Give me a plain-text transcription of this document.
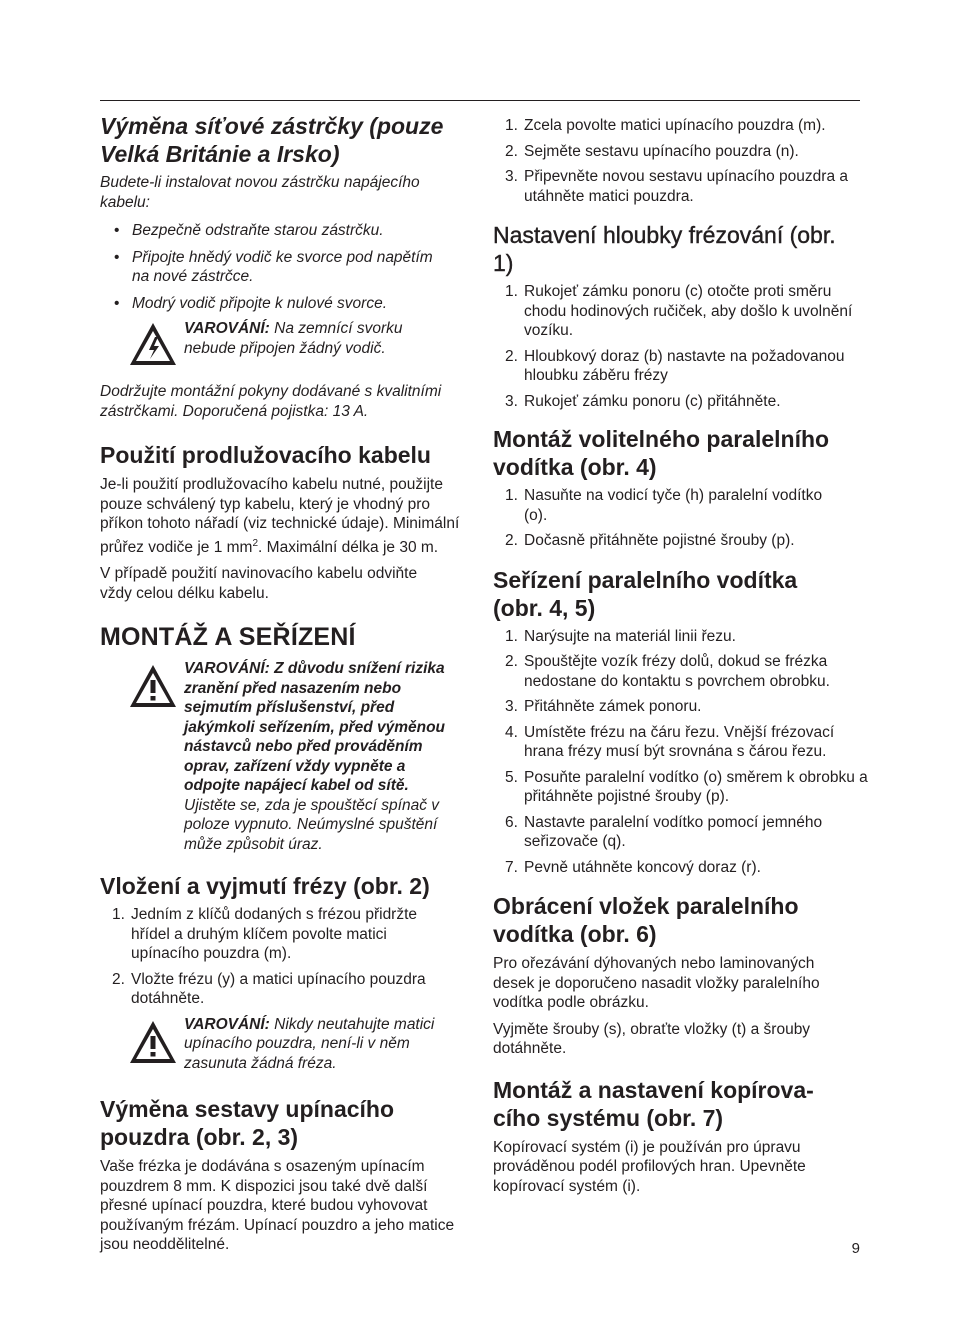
Výměna síťové zástrčky (pouze Velká Británie a Irsko)

Budete-li instalovat novou zástrčku napájecího kabelu:

• Bezpečně odstraňte starou zástrčku.
• Připojte hnědý vodič ke svorce pod napětím na nové zástrčce.
• Modrý vodič připojte k nulové svorce.

VAROVÁNÍ: Na zemnící svorku nebude připojen žádný vodič.

Dodržujte montážní pokyny dodávané s kvalitními zástrčkami. Doporučená pojistka: 13 A.

Použití prodlužovacího kabelu

Je-li použití prodlužovacího kabelu nutné, použijte pouze schválený typ kabelu, který je vhodný pro příkon tohoto nářadí (viz technické údaje). Minimální průřez vodiče je 1 $mm^2$. Maximální délka je 30 m.

V případě použití navinovacího kabelu odviňte vždy celou délku kabelu.

MONTÁŽ A SEŘÍZENÍ

VAROVÁNÍ: Z důvodu snížení rizika zranění před nasazením nebo sejmutím příslušenství, před jakýmkoli seřízením, před výměnou nástavců nebo před prováděním oprav, zařízení vždy vypněte a odpojte napájecí kabel od sítě. Ujistěte se, zda je spouštěcí spínač v poloze vypnuto. Neúmyslné spuštění může způsobit úraz.

Vložení a vyjmutí frézy (obr. 2)
1. Jedním z klíčů dodaných s frézou přidržte hřídel a druhým klíčem povolte matici upínacího pouzdra (m).
2. Vložte frézu (y) a matici upínacího pouzdra dotáhněte.

VAROVÁNÍ: Nikdy neutahujte matici upínacího pouzdra, není-li v něm zasunuta žádná fréza.

Výměna sestavy upínacího pouzdra (obr. 2, 3)

Vaše frézka je dodávána s osazeným upínacím pouzdrem 8 mm. K dispozici jsou také dvě další přesné upínací pouzdra, které budou vyhovovat používaným frézám. Upínací pouzdro a jeho matice jsou neoddělitelné.

1. Zcela povolte matici upínacího pouzdra (m).
2. Sejměte sestavu upínacího pouzdra (n).
3. Připevněte novou sestavu upínacího pouzdra a utáhněte matici pouzdra.
Nastavení hloubky frézování (obr. 1)
1. Rukojeť zámku ponoru (c) otočte proti směru chodu hodinových ručiček, aby došlo k uvolnění vozíku.
2. Hloubkový doraz (b) nastavte na požadovanou hloubku záběru frézy
3. Rukojeť zámku ponoru (c) přitáhněte.
Montáž volitelného paralelního vodítka (obr. 4)
1. Nasuňte na vodicí tyče (h) paralelní vodítko (o).
2. Dočasně přitáhněte pojistné šrouby (p).
Seřízení paralelního vodítka (obr. 4, 5)
1. Narýsujte na materiál linii řezu.
2. Spouštějte vozík frézy dolů, dokud se frézka nedostane do kontaktu s povrchem obrobku.
3. Přitáhněte zámek ponoru.
4. Umístěte frézu na čáru řezu. Vnější frézovací hrana frézy musí být srovnána s čárou řezu.
5. Posuňte paralelní vodítko (o) směrem k obrobku a přitáhněte pojistné šrouby (p).
6. Nastavte paralelní vodítko pomocí jemného seřizovače (q).
7. Pevně utáhněte koncový doraz (r).
Obrácení vložek paralelního vodítka (obr. 6)

Pro ořezávání dýhovaných nebo laminovaných desek je doporučeno nasadit vložky paralelního vodítka podle obrázku.

Vyjměte šrouby (s), obraťte vložky (t) a šrouby dotáhněte.

Montáž a nastavení kopírova-cího systému (obr. 7)

Kopírovací systém (i) je používán pro úpravu prováděnou podél profilových hran. Upevněte kopírovací systém (i).

9
